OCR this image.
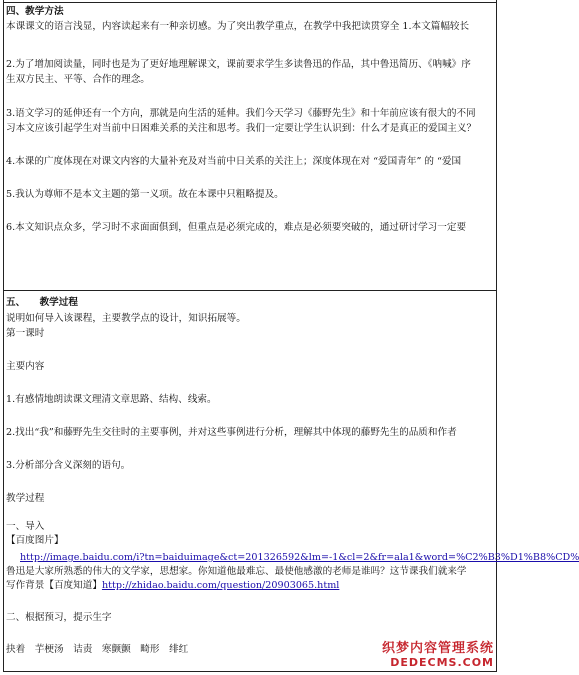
四、教学方法
本课课文的语言浅显，内容读起来有一种亲切感。为了突出教学重点，在教学中我把读贯穿全 1.本文篇幅较长
2.为了增加阅读量，同时也是为了更好地理解课文，课前要求学生多读鲁迅的作品，其中鲁迅简历、《呐喊》序
生双方民主、平等、合作的理念。
3.语文学习的延伸还有一个方向，那就是向生活的延伸。我们今天学习《藤野先生》和十年前应该有很大的不同
习本文应该引起学生对当前中日困难关系的关注和思考。我们一定要让学生认识到：什么才是真正的爱国主义？
4.本课的广度体现在对课文内容的大量补充及对当前中日关系的关注上；深度体现在对 “爱国青年” 的 “爱国
5.我认为尊师不是本文主题的第一义项。故在本课中只粗略提及。
6.本文知识点众多，学习时不求面面俱到，但重点是必须完成的，难点是必须要突破的，通过研讨学习一定要
五、　　教学过程
说明如何导入该课程，主要教学点的设计，知识拓展等。
第一课时
主要内容
1.有感情地朗读课文理清文章思路、结构、线索。
2.找出“我”和藤野先生交往时的主要事例，并对这些事例进行分析，理解其中体现的藤野先生的品质和作者
3.分析部分含义深刻的语句。
教学过程
一、导入
【百度图片】
http://image.baidu.com/i?tn=baiduimage&ct=201326592&lm=-1&cl=2&fr=ala1&word=%C2%B3%D1%B8%CD%
鲁迅是大家所熟悉的伟大的文学家，思想家。你知道他最难忘、最使他感激的老师是谁吗？这节课我们就来学
写作背景【百度知道】http://zhidao.baidu.com/question/20903065.html
二、根据预习，提示生字
抉着　芋梗汤　诘责　寒颤颤　畸形　绯红	织梦内容管理系统
DEDECMS.COM
